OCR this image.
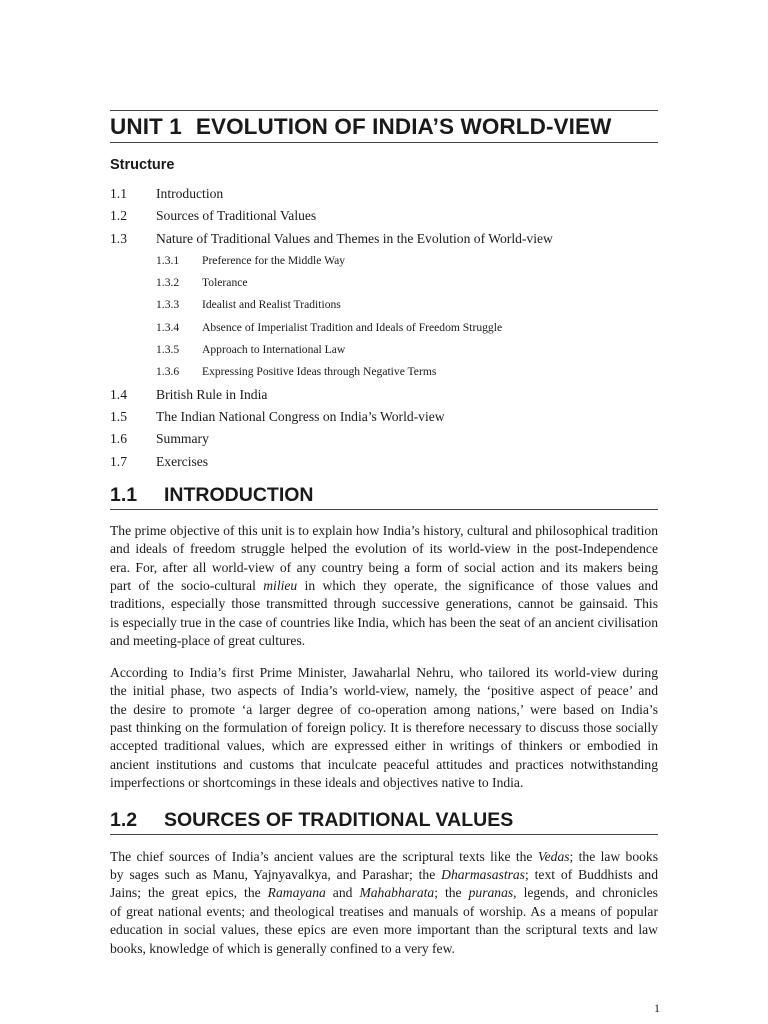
UNIT 1 EVOLUTION OF INDIA’S WORLD-VIEW
Structure
1.1	Introduction
1.2	Sources of Traditional Values
1.3	Nature of Traditional Values and Themes in the Evolution of World-view
1.3.1	Preference for the Middle Way
1.3.2	Tolerance
1.3.3	Idealist and Realist Traditions
1.3.4	Absence of Imperialist Tradition and Ideals of Freedom Struggle
1.3.5	Approach to International Law
1.3.6	Expressing Positive Ideas through Negative Terms
1.4	British Rule in India
1.5	The Indian National Congress on India’s World-view
1.6	Summary
1.7	Exercises
1.1	INTRODUCTION

The prime objective of this unit is to explain how India’s history, cultural and philosophical tradition
and ideals of freedom struggle helped the evolution of its world-view in the post-Independence
era. For, after all world-view of any country being a form of social action and its makers being
part of the socio-cultural milieu in which they operate, the significance of those values and
traditions, especially those transmitted through successive generations, cannot be gainsaid. This
is especially true in the case of countries like India, which has been the seat of an ancient civilisation
and meeting-place of great cultures.

According to India’s first Prime Minister, Jawaharlal Nehru, who tailored its world-view during
the initial phase, two aspects of India’s world-view, namely, the ‘positive aspect of peace’ and
the desire to promote ‘a larger degree of co-operation among nations,’ were based on India’s
past thinking on the formulation of foreign policy. It is therefore necessary to discuss those socially
accepted traditional values, which are expressed either in writings of thinkers or embodied in
ancient institutions and customs that inculcate peaceful attitudes and practices notwithstanding
imperfections or shortcomings in these ideals and objectives native to India.

1.2	SOURCES OF TRADITIONAL VALUES

The chief sources of India’s ancient values are the scriptural texts like the Vedas; the law books
by sages such as Manu, Yajnyavalkya, and Parashar; the Dharmasastras; text of Buddhists and
Jains; the great epics, the Ramayana and Mahabharata; the puranas, legends, and chronicles
of great national events; and theological treatises and manuals of worship. As a means of popular
education in social values, these epics are even more important than the scriptural texts and law
books, knowledge of which is generally confined to a very few.

1
